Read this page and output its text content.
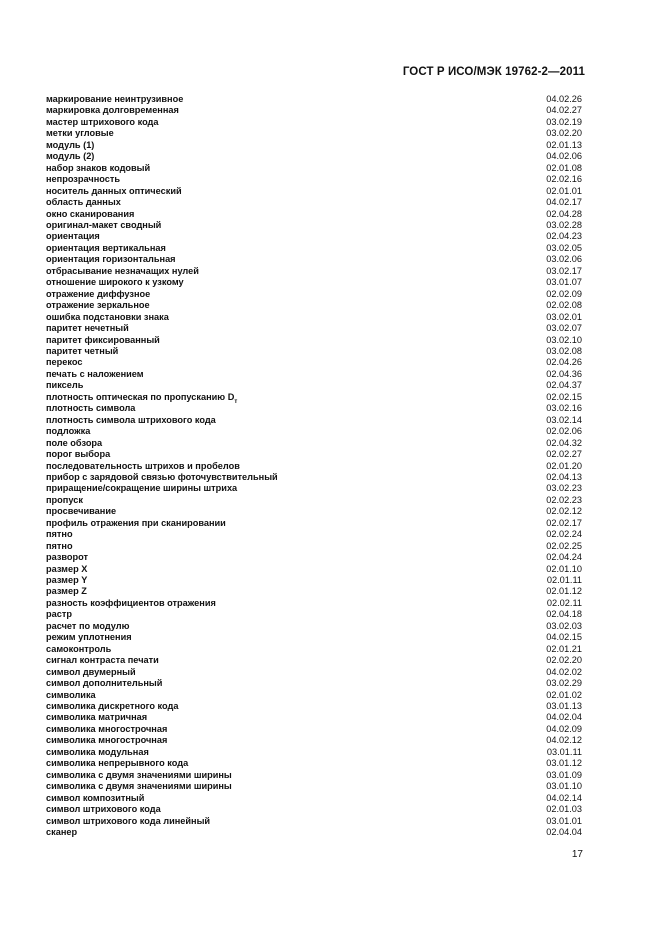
ГОСТ Р ИСО/МЭК 19762-2—2011
маркирование неинтрузивное	04.02.26
маркировка долговременная	04.02.27
мастер штрихового кода	03.02.19
метки угловые	03.02.20
модуль (1)	02.01.13
модуль (2)	04.02.06
набор знаков кодовый	02.01.08
непрозрачность	02.02.16
носитель данных оптический	02.01.01
область данных	04.02.17
окно сканирования	02.04.28
оригинал-макет сводный	03.02.28
ориентация	02.04.23
ориентация вертикальная	03.02.05
ориентация горизонтальная	03.02.06
отбрасывание незначащих нулей	03.02.17
отношение широкого к узкому	03.01.07
отражение диффузное	02.02.09
отражение зеркальное	02.02.08
ошибка подстановки знака	03.02.01
паритет нечетный	03.02.07
паритет фиксированный	03.02.10
паритет четный	03.02.08
перекос	02.04.26
печать с наложением	02.04.36
пиксель	02.04.37
плотность оптическая по пропусканию $D_т$	02.02.15
плотность символа	03.02.16
плотность символа штрихового кода	03.02.14
подложка	02.02.06
поле обзора	02.04.32
порог выбора	02.02.27
последовательность штрихов и пробелов	02.01.20
прибор с зарядовой связью фоточувствительный	02.04.13
приращение/сокращение ширины штриха	03.02.23
пропуск	02.02.23
просвечивание	02.02.12
профиль отражения при сканировании	02.02.17
пятно	02.02.24
пятно	02.02.25
разворот	02.04.24
размер X	02.01.10
размер Y	02.01.11
размер Z	02.01.12
разность коэффициентов отражения	02.02.11
растр	02.04.18
расчет по модулю	03.02.03
режим уплотнения	04.02.15
самоконтроль	02.01.21
сигнал контраста печати	02.02.20
символ двумерный	04.02.02
символ дополнительный	03.02.29
символика	02.01.02
символика дискретного кода	03.01.13
символика матричная	04.02.04
символика многострочная	04.02.09
символика многострочная	04.02.12
символика модульная	03.01.11
символика непрерывного кода	03.01.12
символика с двумя значениями ширины	03.01.09
символика с двумя значениями ширины	03.01.10
символ композитный	04.02.14
символ штрихового кода	02.01.03
символ штрихового кода линейный	03.01.01
сканер	02.04.04
17
